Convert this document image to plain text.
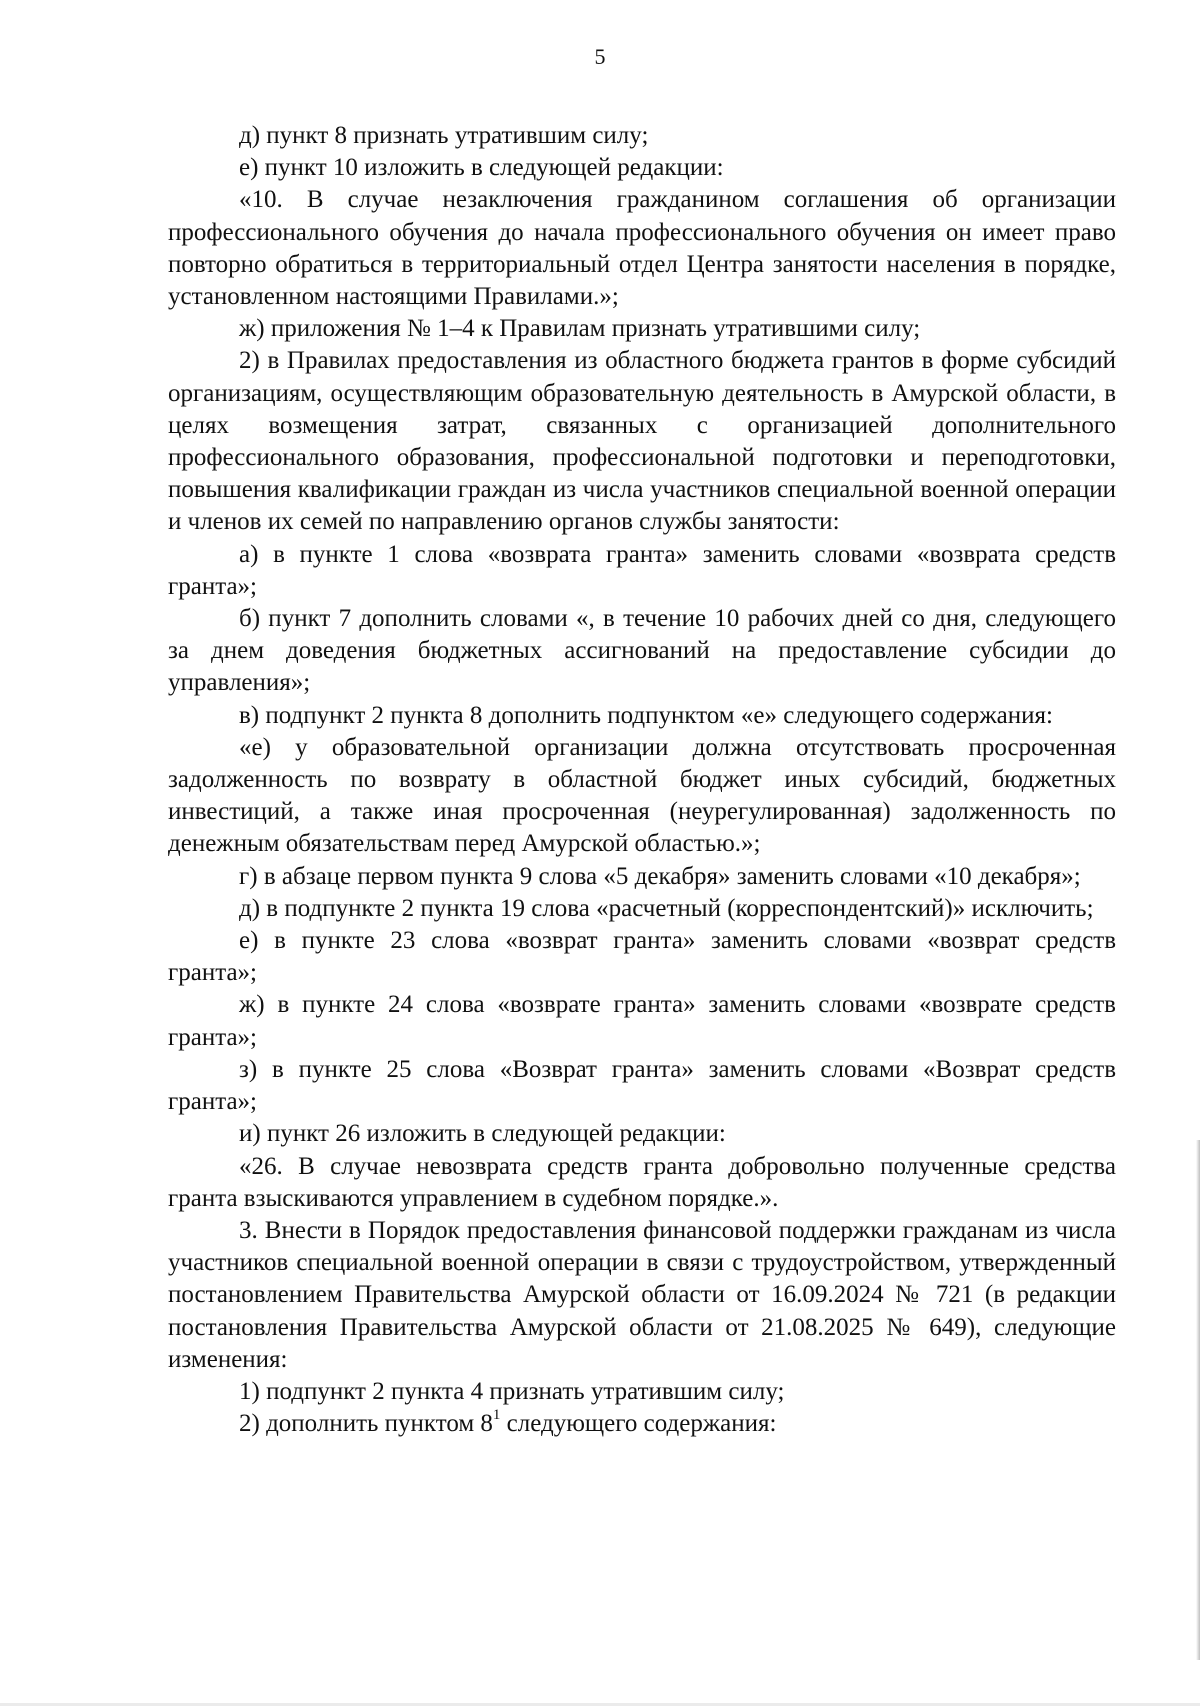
5

д) пункт 8 признать утратившим силу;

е) пункт 10 изложить в следующей редакции:

«10. В случае незаключения гражданином соглашения об организации профессионального обучения до начала профессионального обучения он имеет право повторно обратиться в территориальный отдел Центра занятости населения в порядке, установленном настоящими Правилами.»;

ж) приложения № 1–4 к Правилам признать утратившими силу;

2) в Правилах предоставления из областного бюджета грантов в форме субсидий организациям, осуществляющим образовательную деятельность в Амурской области, в целях возмещения затрат, связанных с организацией дополнительного профессионального образования, профессиональной подготовки и переподготовки, повышения квалификации граждан из числа участников специальной военной операции и членов их семей по направлению органов службы занятости:

а) в пункте 1 слова «возврата гранта» заменить словами «возврата средств гранта»;

б) пункт 7 дополнить словами «, в течение 10 рабочих дней со дня, следующего за днем доведения бюджетных ассигнований на предоставление субсидии до управления»;

в) подпункт 2 пункта 8 дополнить подпунктом «е» следующего содержания:

«е) у образовательной организации должна отсутствовать просроченная задолженность по возврату в областной бюджет иных субсидий, бюджетных инвестиций, а также иная просроченная (неурегулированная) задолженность по денежным обязательствам перед Амурской областью.»;

г) в абзаце первом пункта 9 слова «5 декабря» заменить словами «10 декабря»;

д) в подпункте 2 пункта 19 слова «расчетный (корреспондентский)» исключить;

е) в пункте 23 слова «возврат гранта» заменить словами «возврат средств гранта»;

ж) в пункте 24 слова «возврате гранта» заменить словами «возврате средств гранта»;

з) в пункте 25 слова «Возврат гранта» заменить словами «Возврат средств гранта»;

и) пункт 26 изложить в следующей редакции:

«26. В случае невозврата средств гранта добровольно полученные средства гранта взыскиваются управлением в судебном порядке.».

3. Внести в Порядок предоставления финансовой поддержки гражданам из числа участников специальной военной операции в связи с трудоустройством, утвержденный постановлением Правительства Амурской области от 16.09.2024 № 721 (в редакции постановления Правительства Амурской области от 21.08.2025 № 649), следующие изменения:

1) подпункт 2 пункта 4 признать утратившим силу;

2) дополнить пунктом $8^1$ следующего содержания:
